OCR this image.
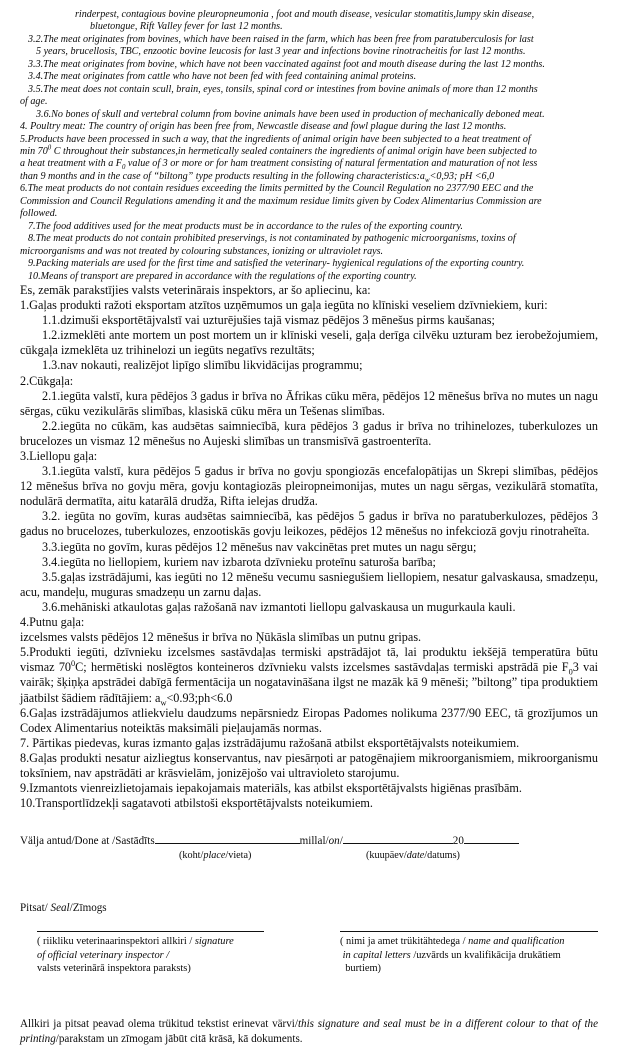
rinderpest, contagious bovine pleuropneumonia , foot and mouth disease, vesicular stomatitis,lumpy skin disease,

bluetongue, Rift Valley fever for last 12 months.

3.2.The meat originates from bovines, which have been raised in the farm, which has been free from paratuberculosis for last

5 years, brucellosis, TBC, enzootic bovine leucosis for last 3 year and infections bovine rinotracheitis for last 12 months.

3.3.The meat originates from bovine, which have not been vaccinated against foot and mouth disease during the last 12 months.

3.4.The meat originates from cattle who have not been fed with feed containing animal proteins.

3.5.The meat does not contain scull, brain, eyes, tonsils, spinal cord or intestines from bovine animals of more than 12 months

of age.

3.6.No bones of skull and vertebral column from bovine animals have been used in production of mechanically deboned meat.

4. Poultry meat: The country of origin has been free from, Newcastle disease and fowl plague during the last 12 months.

5.Products have been processed in such a way, that the ingredients of animal origin have been subjected to a heat treatment of

$\min 70^0$ C throughout their substances,in hermetically sealed containers the ingredients of animal origin have been subjected to

a heat treatment with a $F_0$ value of 3 or more or for ham treatment consisting of natural fermentation and maturation of not less

than 9 months and in the case of “biltong” type products resulting in the following $characteristics:a_w<0,93$; pH <6,0

6.The meat products do not contain residues exceeding the limits permitted by the Council Regulation no 2377/90 EEC and the

Commission and Council Regulations amending it and the maximum residue limits given by Codex Alimentarius Commission are

followed.

7.The food additives used for the meat products must be in accordance to the rules of the exporting country.

8.The meat products do not contain prohibited preservings, is not contaminated by pathogenic microorganisms, toxins of

microorganisms and was not treated by colouring substances, ionizing or ultraviolet rays.

9.Packing materials are used for the first time and satisfied the veterinary- hygienical regulations of the exporting country.

10.Means of transport are prepared in accordance with the regulations of the exporting country.

Es, zemāk parakstījies valsts veterinārais inspektors, ar šo apliecinu, ka:

1.Gaļas produkti ražoti eksportam atzītos uzņēmumos un gaļa iegūta no klīniski veseliem dzīvniekiem, kuri:

1.1.dzimuši eksportētājvalstī vai uzturējušies tajā vismaz pēdējos 3 mēnešus pirms kaušanas;

1.2.izmeklēti ante mortem un post mortem un ir klīniski veseli, gaļa derīga cilvēku uzturam bez ierobežojumiem, cūkgaļa izmeklēta uz trihinelozi un iegūts negatīvs rezultāts;

1.3.nav nokauti, realizējot lipīgo slimību likvidācijas programmu;

2.Cūkgaļa:

2.1.iegūta valstī, kura pēdējos 3 gadus ir brīva no Āfrikas cūku mēra, pēdējos 12 mēnešus brīva no mutes un nagu sērgas, cūku vezikulārās slimības, klasiskā cūku mēra un Tešenas slimības.

2.2.iegūta no cūkām, kas audзētas saimniecībā, kura pēdējos 3 gadus ir brīva no trihinelozes, tuberkulozes un brucelozes un vismaz 12 mēnešus no Aujeski slimības un transmisīvā gastroenterīta.

3.Liellopu gaļa:

3.1.iegūta valstī, kura pēdējos 5 gadus ir brīva no govju spongiozās encefalopātijas un Skrepi slimības, pēdējos 12 mēnešus brīva no govju mēra, govju kontagiozās pleiropneimonijas, mutes un nagu sērgas, vezikulārā stomatīta, nodulārā dermatīta, aitu katarālā drudža, Rifta ielejas drudža.

3.2. iegūta no govīm, kuras audзētas saimniecībā, kas pēdējos 5 gadus ir brīva no paratuberkulozes, pēdējos 3 gadus no brucelozes, tuberkulozes, enzootiskās govju leikozes, pēdējos 12 mēnešus no infekciozā govju rinotraheīta.

3.3.iegūta no govīm, kuras pēdējos 12 mēnešus nav vakcinētas pret mutes un nagu sērgu;

3.4.iegūta no liellopiem, kuriem nav izbarota dzīvnieku proteīnu saturoša barība;

3.5.gaļas izstrādājumi, kas iegūti no 12 mēnešu vecumu sasniegušiem liellopiem, nesatur galvaskausa, smadzeņu, acu, mandeļu, muguras smadzeņu un zarnu daļas.

3.6.mehāniski atkaulotas gaļas ražošanā nav izmantoti liellopu galvaskausa un mugurkaula kauli.

4.Putnu gaļa:

izcelsmes valsts pēdējos 12 mēnešus ir brīva no Ņūkāsla slimības un putnu gripas.

5.Produkti iegūti, dzīvnieku izcelsmes sastāvdaļas termiski apstrādājot tā, lai produktu iekšējā temperatūra būtu vismaz $70^0C$; hermētiski noslēgtos konteineros dzīvnieku valsts izcelsmes sastāvdaļas termiski apstrādā pie $F_03$ vai vairāk; šķiņķa apstrādei dabīgā fermentācija un nogatavināšana ilgst ne mazāk kā 9 mēneši; ”biltong” tipa produktiem jāatbilst šādiem rādītājiem: $a_w<0.93;ph<6.0$

6.Gaļas izstrādājumos atliekvielu daudzums nepārsniedz Eiropas Padomes nolikuma 2377/90 EEC, tā grozījumos un Codex Alimentarius noteiktās maksimāli pieļaujamās normas.

7. Pārtikas piedevas, kuras izmanto gaļas izstrādājumu ražošanā atbilst eksportētājvalsts noteikumiem.

8.Gaļas produkti nesatur aizliegtus konservantus, nav piesārņoti ar patogēnajiem mikroorganismiem, mikroorganismu toksīniem, nav apstrādāti ar krāsvielām, jonizējošo vai ultravioleto starojumu.

9.Izmantots vienreizlietojamais iepakojamais materiāls, kas atbilst eksportētājvalsts higiēnas prasībām.

10.Transportlīdzekļi sagatavoti atbilstoši eksportētājvalsts noteikumiem.

Välja antud/Done at /Sastādīts	millal/on/	20
(koht/place/vieta)	(kuupäev/date/datums)
Pitsat/ Seal/Zīmogs
( riikliku veterinaarinspektori allkiri / signature
of official veterinary inspector /
valsts veterinārā inspektora paraksts)
( nimi ja amet trükitähtedega / name and qualification
in capital letters /uzvārds un kvalifikācija drukātiem
burtiem)
Allkiri ja pitsat peavad olema trükitud tekstist erinevat värvi/this signature and seal must be in a different colour to that of the printing/parakstam un zīmogam jābūt citā krāsā, kā dokuments.
